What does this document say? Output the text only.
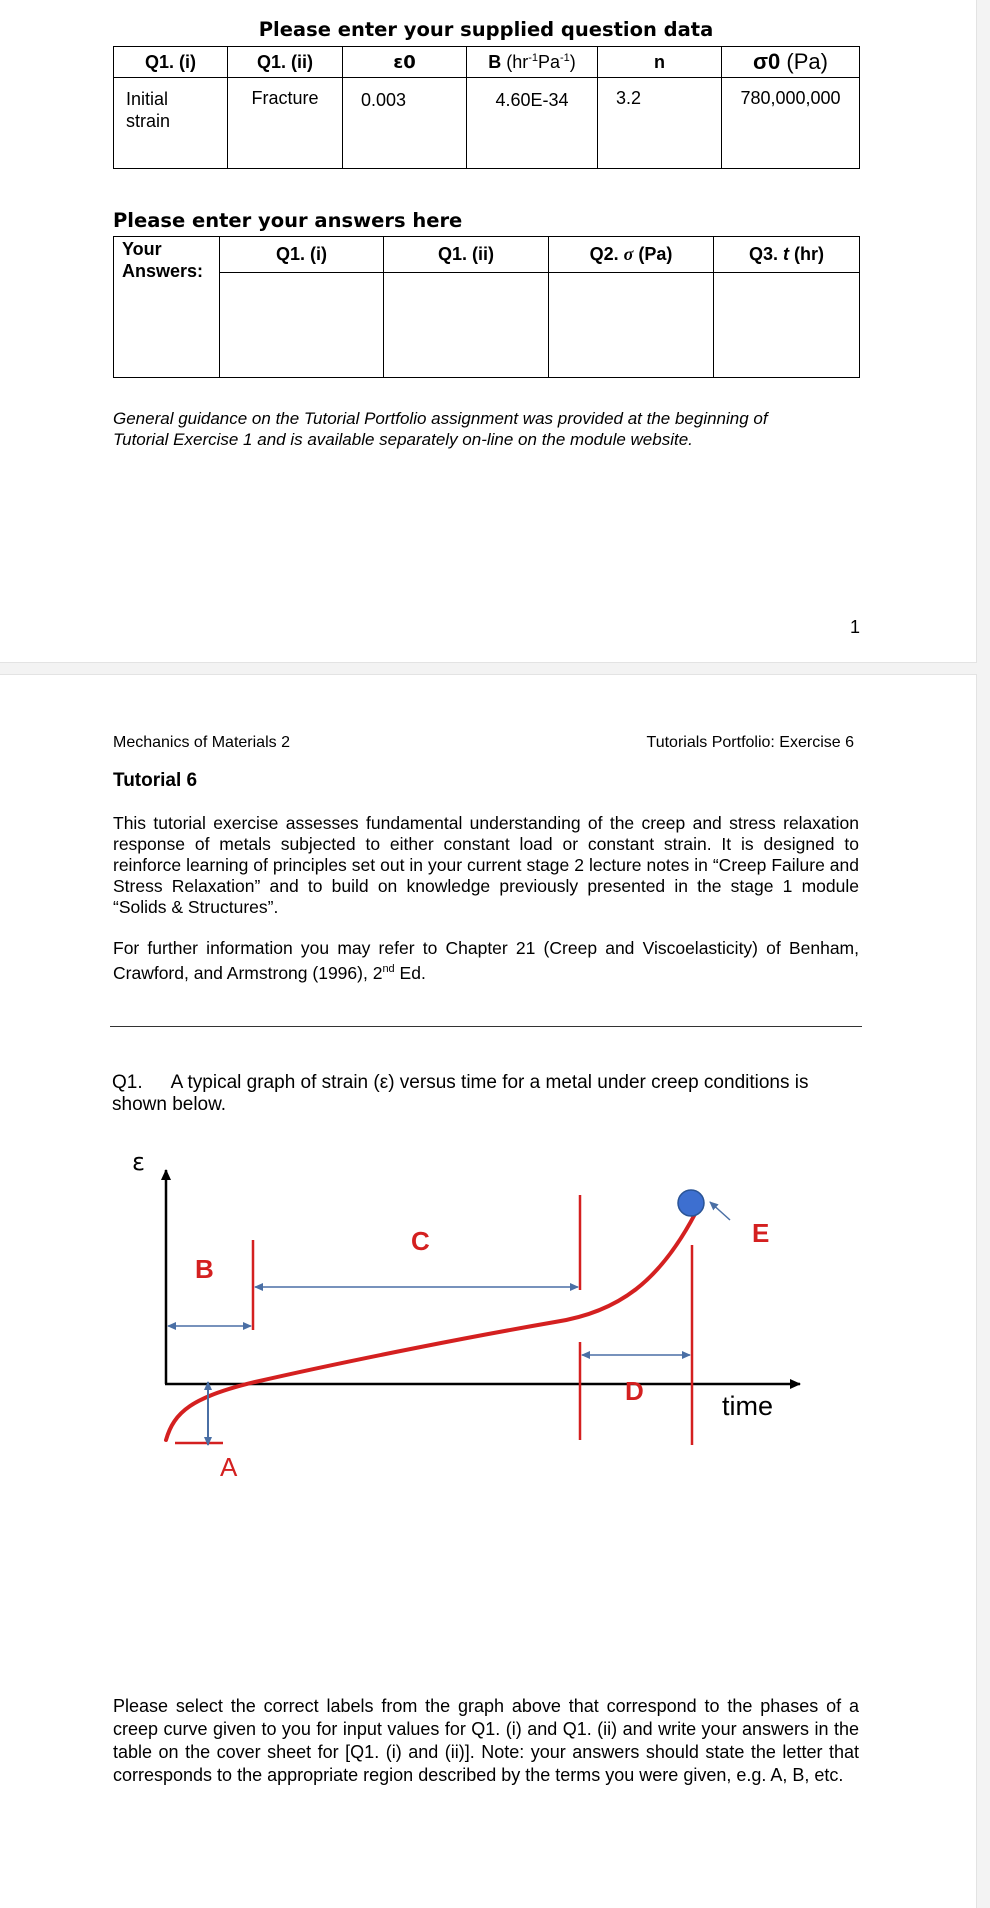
Please enter your supplied question data
Q1. (i)	Q1. (ii)	ε0	B $(hr^{-1}Pa^{-1})$	n	σ0 (Pa)

Initial
strain	Fracture	0.003	4.60E-34	3.2	780,000,000
Please enter your answers here
Your
Answers:	Q1. (i)	Q1. (ii)	Q2. σ (Pa)	Q3. t (hr)

General guidance on the Tutorial Portfolio assignment was provided at the beginning of
Tutorial Exercise 1 and is available separately on-line on the module website.
1
Mechanics of Materials 2	Tutorials Portfolio: Exercise 6
Tutorial 6
This tutorial exercise assesses fundamental understanding of the creep and stress relaxation response of metals subjected to either constant load or constant strain. It is designed to reinforce learning of principles set out in your current stage 2 lecture notes in “Creep Failure and Stress Relaxation” and to build on knowledge previously presented in the stage 1 module “Solids & Structures”.
For further information you may refer to Chapter 21 (Creep and Viscoelasticity) of Benham, Crawford, and Armstrong (1996), 2nd Ed.
Q1. A typical graph of strain (ε) versus time for a metal under creep conditions is
shown below.
ε
time
B
C
D
E
A
Please select the correct labels from the graph above that correspond to the phases of a creep curve given to you for input values for Q1. (i) and Q1. (ii) and write your answers in the table on the cover sheet for [Q1. (i) and (ii)]. Note: your answers should state the letter that corresponds to the appropriate region described by the terms you were given, e.g. A, B, etc.
